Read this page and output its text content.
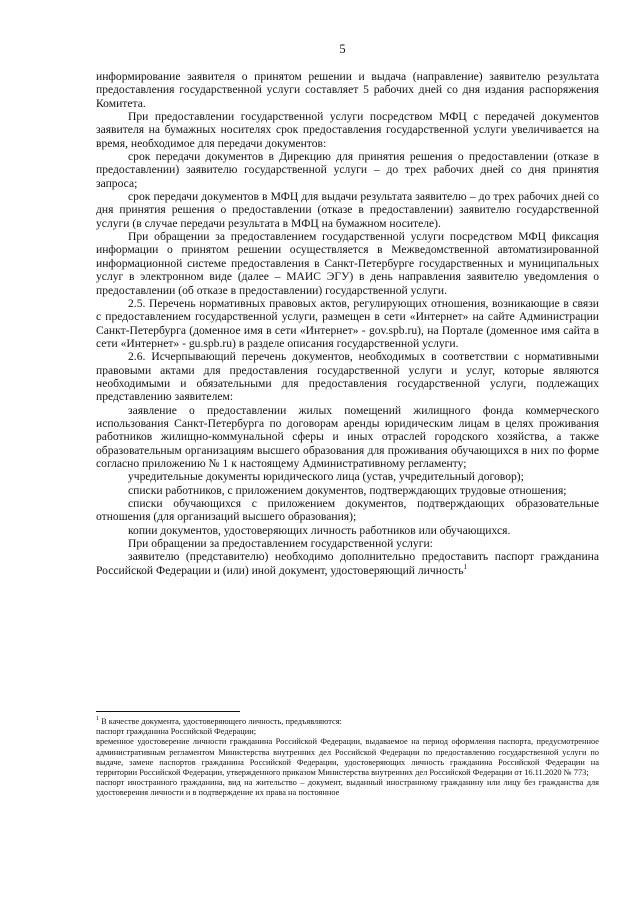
5

информирование заявителя о принятом решении и выдача (направление) заявителю результата предоставления государственной услуги составляет 5 рабочих дней со дня издания распоряжения Комитета.

При предоставлении государственной услуги посредством МФЦ с передачей документов заявителя на бумажных носителях срок предоставления государственной услуги увеличивается на время, необходимое для передачи документов:

срок передачи документов в Дирекцию для принятия решения о предоставлении (отказе в предоставлении) заявителю государственной услуги – до трех рабочих дней со дня принятия запроса;

срок передачи документов в МФЦ для выдачи результата заявителю – до трех рабочих дней со дня принятия решения о предоставлении (отказе в предоставлении) заявителю государственной услуги (в случае передачи результата в МФЦ на бумажном носителе).

При обращении за предоставлением государственной услуги посредством МФЦ фиксация информации о принятом решении осуществляется в Межведомственной автоматизированной информационной системе предоставления в Санкт-Петербурге государственных и муниципальных услуг в электронном виде (далее – МАИС ЭГУ) в день направления заявителю уведомления о предоставлении (об отказе в предоставлении) государственной услуги.

2.5. Перечень нормативных правовых актов, регулирующих отношения, возникающие в связи с предоставлением государственной услуги, размещен в сети «Интернет» на сайте Администрации Санкт-Петербурга (доменное имя в сети «Интернет» - gov.spb.ru), на Портале (доменное имя сайта в сети «Интернет» - gu.spb.ru) в разделе описания государственной услуги.

2.6. Исчерпывающий перечень документов, необходимых в соответствии с нормативными правовыми актами для предоставления государственной услуги и услуг, которые являются необходимыми и обязательными для предоставления государственной услуги, подлежащих представлению заявителем:

заявление о предоставлении жилых помещений жилищного фонда коммерческого использования Санкт-Петербурга по договорам аренды юридическим лицам в целях проживания работников жилищно-коммунальной сферы и иных отраслей городского хозяйства, а также образовательным организациям высшего образования для проживания обучающихся в них по форме согласно приложению № 1 к настоящему Административному регламенту;

учредительные документы юридического лица (устав, учредительный договор);

списки работников, с приложением документов, подтверждающих трудовые отношения;

списки обучающихся с приложением документов, подтверждающих образовательные отношения (для организаций высшего образования);

копии документов, удостоверяющих личность работников или обучающихся.

При обращении за предоставлением государственной услуги:

заявителю (представителю) необходимо дополнительно предоставить паспорт гражданина Российской Федерации и (или) иной документ, удостоверяющий личность$^1$

$^1$ В качестве документа, удостоверяющего личность, предъявляются:

паспорт гражданина Российской Федерации;

временное удостоверение личности гражданина Российской Федерации, выдаваемое на период оформления паспорта, предусмотренное административным регламентом Министерства внутренних дел Российской Федерации по предоставлению государственной услуги по выдаче, замене паспортов гражданина Российской Федерации, удостоверяющих личность гражданина Российской Федерации на территории Российской Федерации, утвержденного приказом Министерства внутренних дел Российской Федерации от 16.11.2020 № 773;

паспорт иностранного гражданина, вид на жительство – документ, выданный иностранному гражданину или лицу без гражданства для удостоверения личности и в подтверждение их права на постоянное
